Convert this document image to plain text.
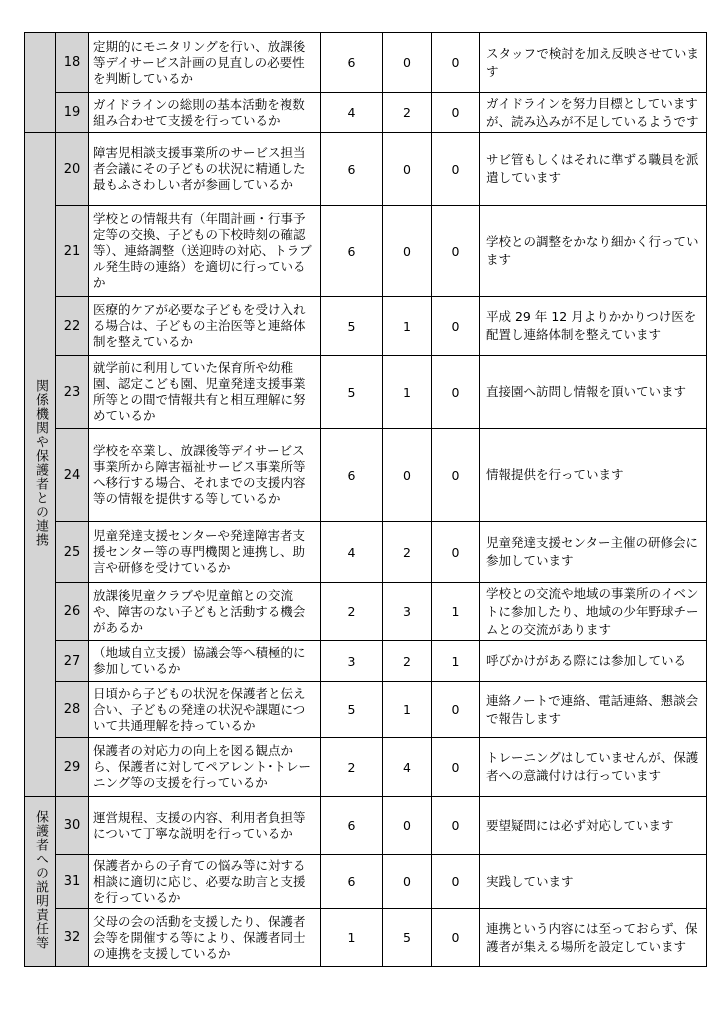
	18	定期的にモニタリングを行い、放課後等デイサービス計画の見直しの必要性を判断しているか	6	0	0	スタッフで検討を加え反映させています
	19	ガイドラインの総則の基本活動を複数組み合わせて支援を行っているか	4	2	0	ガイドラインを努力目標としていますが、読み込みが不足しているようです
関係機関や保護者との連携	20	障害児相談支援事業所のサービス担当者会議にその子どもの状況に精通した最もふさわしい者が参画しているか	6	0	0	サビ管もしくはそれに準ずる職員を派遣しています
	21	学校との情報共有（年間計画・行事予定等の交換、子どもの下校時刻の確認等）、連絡調整（送迎時の対応、トラブル発生時の連絡）を適切に行っているか	6	0	0	学校との調整をかなり細かく行っています
	22	医療的ケアが必要な子どもを受け入れる場合は、子どもの主治医等と連絡体制を整えているか	5	1	0	平成 29 年 12 月よりかかりつけ医を配置し連絡体制を整えています
	23	就学前に利用していた保育所や幼稚園、認定こども園、児童発達支援事業所等との間で情報共有と相互理解に努めているか	5	1	0	直接園へ訪問し情報を頂いています
	24	学校を卒業し、放課後等デイサービス事業所から障害福祉サービス事業所等へ移行する場合、それまでの支援内容等の情報を提供する等しているか	6	0	0	情報提供を行っています
	25	児童発達支援センターや発達障害者支援センター等の専門機関と連携し、助言や研修を受けているか	4	2	0	児童発達支援センター主催の研修会に参加しています
	26	放課後児童クラブや児童館との交流や、障害のない子どもと活動する機会があるか	2	3	1	学校との交流や地域の事業所のイベントに参加したり、地域の少年野球チームとの交流があります
	27	（地域自立支援）協議会等へ積極的に参加しているか	3	2	1	呼びかけがある際には参加している
	28	日頃から子どもの状況を保護者と伝え合い、子どもの発達の状況や課題について共通理解を持っているか	5	1	0	連絡ノートで連絡、電話連絡、懇談会で報告します
	29	保護者の対応力の向上を図る観点から、保護者に対してペアレント･トレーニング等の支援を行っているか	2	4	0	トレーニングはしていませんが、保護者への意識付けは行っています
保護者への説明責任等	30	運営規程、支援の内容、利用者負担等について丁寧な説明を行っているか	6	0	0	要望疑問には必ず対応しています
	31	保護者からの子育ての悩み等に対する相談に適切に応じ、必要な助言と支援を行っているか	6	0	0	実践しています
	32	父母の会の活動を支援したり、保護者会等を開催する等により、保護者同士の連携を支援しているか	1	5	0	連携という内容には至っておらず、保護者が集える場所を設定しています
